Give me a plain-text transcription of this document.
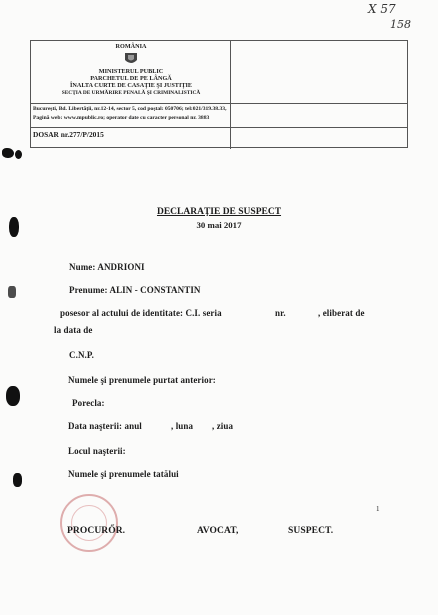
X 57
158
ROMÂNIA
MINISTERUL PUBLIC
PARCHETUL DE PE LÂNGĂ
ÎNALTA CURTE DE CASAŢIE ŞI JUSTIŢIE
SECŢIA DE URMĂRIRE PENALĂ ŞI CRIMINALISTICĂ
Bucureşti, Bd. Libertăţii, nr.12-14, sector 5, cod poştal: 050706; tel:021/319.38.33,
Pagină web: www.mpublic.ro; operator date cu caracter personal nr. 3883
DOSAR nr.277/P/2015
DECLARAŢIE DE SUSPECT
30 mai 2017
Nume: ANDRIONI
Prenume: ALIN - CONSTANTIN
posesor al actului de identitate: C.I. seria	nr.	, eliberat de
la data de
C.N.P.
Numele şi prenumele purtat anterior:
Porecla:
Data naşterii: anul	, luna , ziua
Locul naşterii:
Numele şi prenumele tatălui
1
PROCURŐR.	AVOCAT,	SUSPECT.
